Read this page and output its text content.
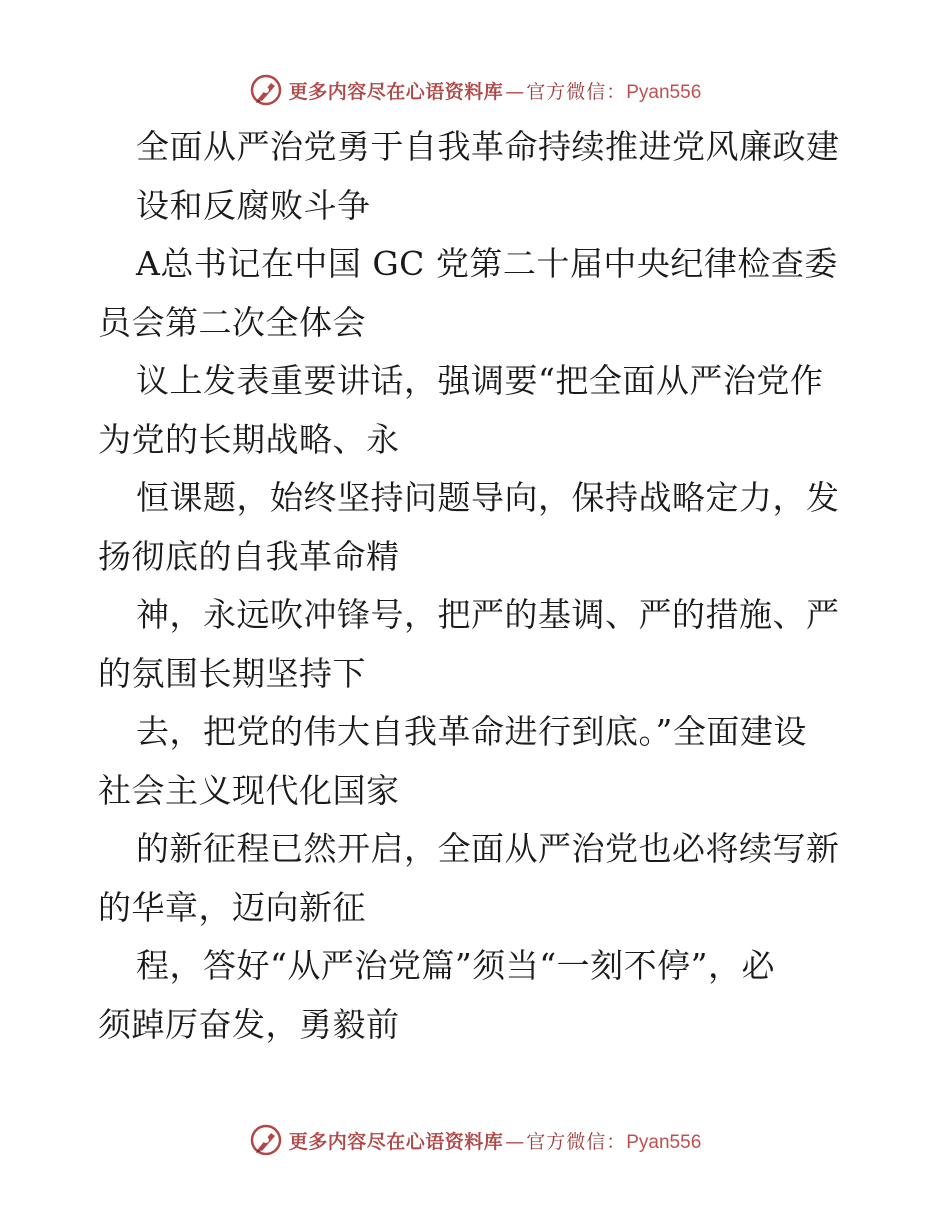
更多内容尽在心语资料库 — 官方微信： Pyan556
全面从严治党勇于自我革命持续推进党风廉政建
设和反腐败斗争
A总书记在中国 GC 党第二十届中央纪律检查委
员会第二次全体会
议上发表重要讲话，强调要“把全面从严治党作
为党的长期战略、永
恒课题，始终坚持问题导向，保持战略定力，发
扬彻底的自我革命精
神，永远吹冲锋号，把严的基调、严的措施、严
的氛围长期坚持下
去，把党的伟大自我革命进行到底。”全面建设
社会主义现代化国家
的新征程已然开启，全面从严治党也必将续写新
的华章，迈向新征
程，答好“从严治党篇”须当“一刻不停”，必
须踔厉奋发，勇毅前
更多内容尽在心语资料库 — 官方微信： Pyan556
